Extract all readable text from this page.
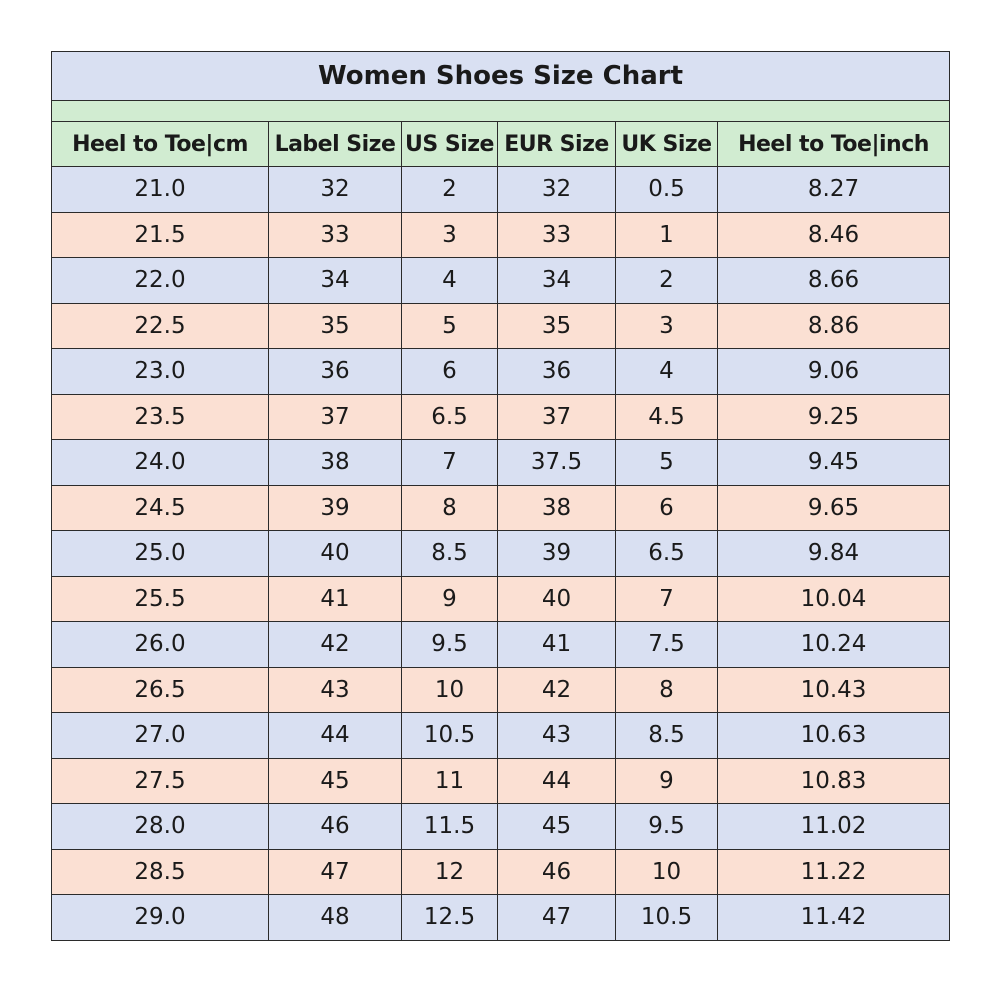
Women Shoes Size Chart					

Heel to Toe|cm	Label Size	US Size	EUR Size	UK Size	Heel to Toe|inch
21.0	32	2	32	0.5	8.27
21.5	33	3	33	1	8.46
22.0	34	4	34	2	8.66
22.5	35	5	35	3	8.86
23.0	36	6	36	4	9.06
23.5	37	6.5	37	4.5	9.25
24.0	38	7	37.5	5	9.45
24.5	39	8	38	6	9.65
25.0	40	8.5	39	6.5	9.84
25.5	41	9	40	7	10.04
26.0	42	9.5	41	7.5	10.24
26.5	43	10	42	8	10.43
27.0	44	10.5	43	8.5	10.63
27.5	45	11	44	9	10.83
28.0	46	11.5	45	9.5	11.02
28.5	47	12	46	10	11.22
29.0	48	12.5	47	10.5	11.42
